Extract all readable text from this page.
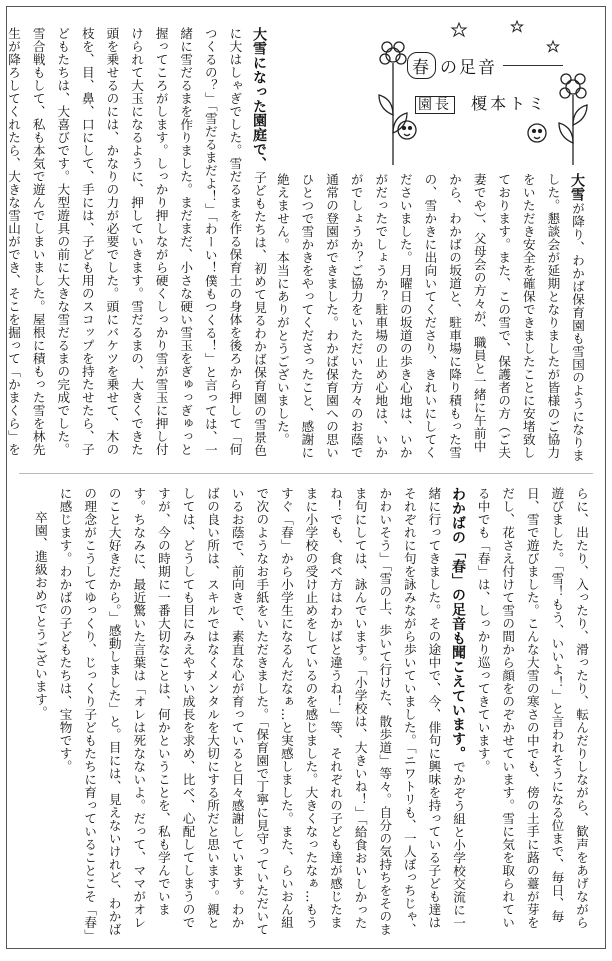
春 の足音
園長 榎本トミ

大雪が降り、わかば保育園も雪国のようになりました。懇談会が延期となりましたが皆様のご協力をいただき安全を確保できましたことに安堵致しております。また、この雪で、保護者の方（ご夫妻でや）、父母会の方々が、職員と一緒に午前中から、わかばの坂道と、駐車場に降り積もった雪の、雪かきに出向いてくださり、きれいにしてくださいました。月曜日の坂道の歩き心地は、いかがだったでしょうか？駐車場の止め心地は、いかがでしょうか？ご協力をいただいた方々のお蔭で通常の登園ができました。わかば保育園への思いひとつで雪かきをやってくださったこと、感謝に絶えません。本当にありがとうございました。

大雪になった園庭で、子どもたちは、初めて見るわかば保育園の雪景色に大はしゃぎでした。雪だるまを作る保育士の身体を後ろから押して「何つくるの？」「雪だるまだよ！」「わーい！僕もつくる！」と言っては、一緒に雪だるまを作りました。まだまだ、小さな硬い雪玉をぎゅっぎゅっと握ってころがします。しっかり押しながら硬くしっかり雪が雪玉に押し付けられて大玉になるように、押していきます。雪だるまの、大きくできた頭を乗せるのには、かなりの力が必要でした。頭にバケツを乗せて、木の枝を、目、鼻、口にして、手には、子ども用のスコップを持たせたら、子どもたちは、大喜びです。大型遊具の前に大きな雪だるまの完成でした。雪合戦もして、私も本気で遊んでしまいました。屋根に積もった雪を林先生が降ろしてくれたら、大きな雪山ができ、そこを掘って「かまくら」を

らに、出たり、入ったり、滑ったり、転んだりしながら、歓声をあげながら遊びました。「雪！もう、いいよ！」と言われそうになる位まで、毎日、毎日、雪で遊びました。こんな大雪の寒さの中でも、傍の土手に蕗の薹が芽をだし、花さえ付けて雪の間から顔をのぞかせています。雪に気を取られている中でも「春」は、しっかり巡ってきています。

わかばの「春」の足音も聞こえています。でかぞう組と小学校交流に一緒に行ってきました。その途中で、今、俳句に興味を持っている子ども達はそれぞれに句を詠みながら歩いていました。「ニワトリも、一人ぼっちじゃ、かわいそう」「雪の上、歩いて行けた、散歩道」等々。自分の気持ちをそのまま句にしては、詠んでいます。「小学校は、大きいね！」「給食おいしかったね！でも、食べ方はわかばと違うね！」等、それぞれの子ども達が感じたままに小学校の受け止めをしているのを感じました。大きくなったなぁ…もうすぐ「春」から小学生になるんだなぁ…と実感しました。また、らいおん組で次のようなお手紙をいただきました。「保育園で丁寧に見守っていただいているお蔭で、前向きで、素直な心が育っていると日々感謝しています。わかばの良い所は、スキルではなくメンタルを大切にする所だと思います。親としては、どうしても目にみえやすい成長を求め、比べ、心配してしまうのですが、今の時期に一番大切なことは、何かということを、私も学んでいます。ちなみに、最近驚いた言葉は「オレは死なないよ。だって、ママがオレのこと大好きだから。」感動しました」と。目には、見えないけれど、わかばの理念がこうしてゆっくり、じっくり子どもたちに育っていることこそ「春」に感じます。わかばの子どもたちは、宝物です。

卒園、進級おめでとうございます。
